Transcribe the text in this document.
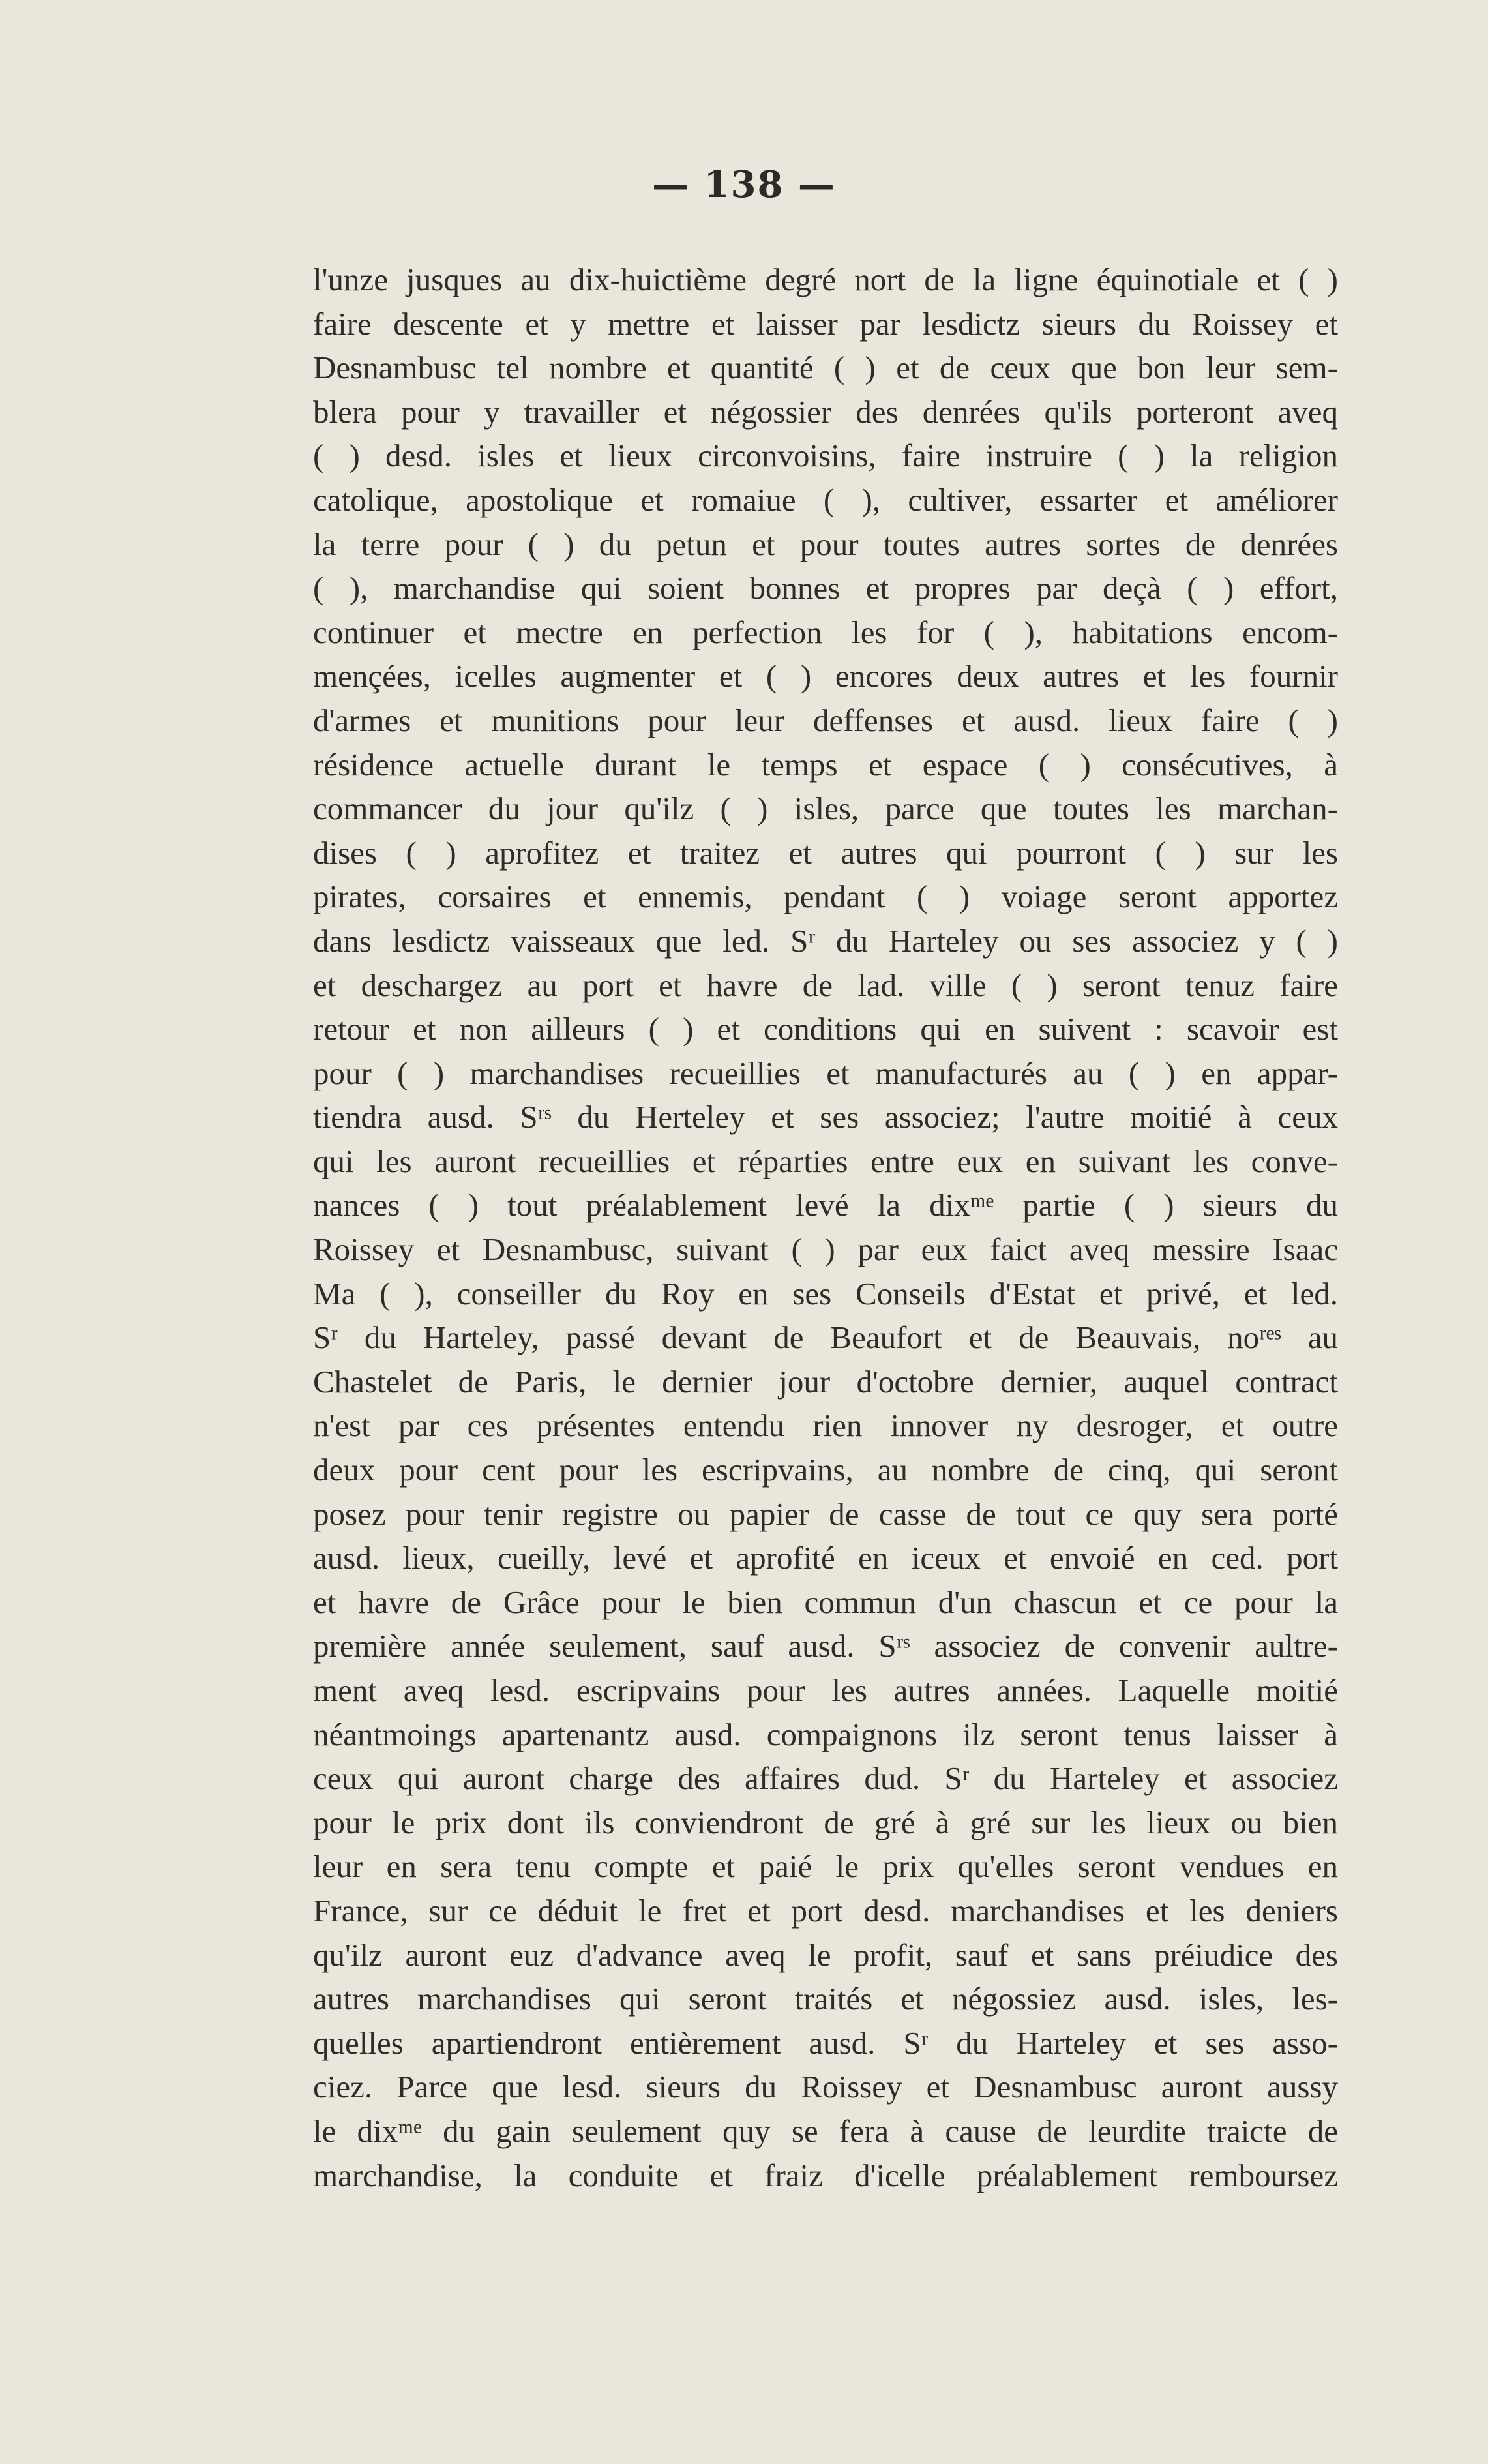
— 138 —
l'unze jusques au dix-huictième degré nort de la ligne équinotiale et ( )
faire descente et y mettre et laisser par lesdictz sieurs du Roissey et
Desnambusc tel nombre et quantité ( ) et de ceux que bon leur sem-
blera pour y travailler et négossier des denrées qu'ils porteront aveq
( ) desd. isles et lieux circonvoisins, faire instruire ( ) la religion
catolique, apostolique et romaiue ( ), cultiver, essarter et améliorer
la terre pour ( ) du petun et pour toutes autres sortes de denrées
( ), marchandise qui soient bonnes et propres par deçà ( ) effort,
continuer et mectre en perfection les for ( ), habitations encom-
mençées, icelles augmenter et ( ) encores deux autres et les fournir
d'armes et munitions pour leur deffenses et ausd. lieux faire ( )
résidence actuelle durant le temps et espace ( ) consécutives, à
commancer du jour qu'ilz ( ) isles, parce que toutes les marchan-
dises ( ) aprofitez et traitez et autres qui pourront ( ) sur les
pirates, corsaires et ennemis, pendant ( ) voiage seront apportez
dans lesdictz vaisseaux que led. Sʳ du Harteley ou ses associez y ( )
et deschargez au port et havre de lad. ville ( ) seront tenuz faire
retour et non ailleurs ( ) et conditions qui en suivent : scavoir est
pour ( ) marchandises recueillies et manufacturés au ( ) en appar-
tiendra ausd. Sʳˢ du Herteley et ses associez; l'autre moitié à ceux
qui les auront recueillies et réparties entre eux en suivant les conve-
nances ( ) tout préalablement levé la dixᵐᵉ partie ( ) sieurs du
Roissey et Desnambusc, suivant ( ) par eux faict aveq messire Isaac
Ma ( ), conseiller du Roy en ses Conseils d'Estat et privé, et led.
Sʳ du Harteley, passé devant de Beaufort et de Beauvais, noʳᵉˢ au
Chastelet de Paris, le dernier jour d'octobre dernier, auquel contract
n'est par ces présentes entendu rien innover ny desroger, et outre
deux pour cent pour les escripvains, au nombre de cinq, qui seront
posez pour tenir registre ou papier de casse de tout ce quy sera porté
ausd. lieux, cueilly, levé et aprofité en iceux et envoié en ced. port
et havre de Grâce pour le bien commun d'un chascun et ce pour la
première année seulement, sauf ausd. Sʳˢ associez de convenir aultre-
ment aveq lesd. escripvains pour les autres années. Laquelle moitié
néantmoings apartenantz ausd. compaignons ilz seront tenus laisser à
ceux qui auront charge des affaires dud. Sʳ du Harteley et associez
pour le prix dont ils conviendront de gré à gré sur les lieux ou bien
leur en sera tenu compte et paié le prix qu'elles seront vendues en
France, sur ce déduit le fret et port desd. marchandises et les deniers
qu'ilz auront euz d'advance aveq le profit, sauf et sans préiudice des
autres marchandises qui seront traités et négossiez ausd. isles, les-
quelles apartiendront entièrement ausd. Sʳ du Harteley et ses asso-
ciez. Parce que lesd. sieurs du Roissey et Desnambusc auront aussy
le dixᵐᵉ du gain seulement quy se fera à cause de leurdite traicte de
marchandise, la conduite et fraiz d'icelle préalablement remboursez
